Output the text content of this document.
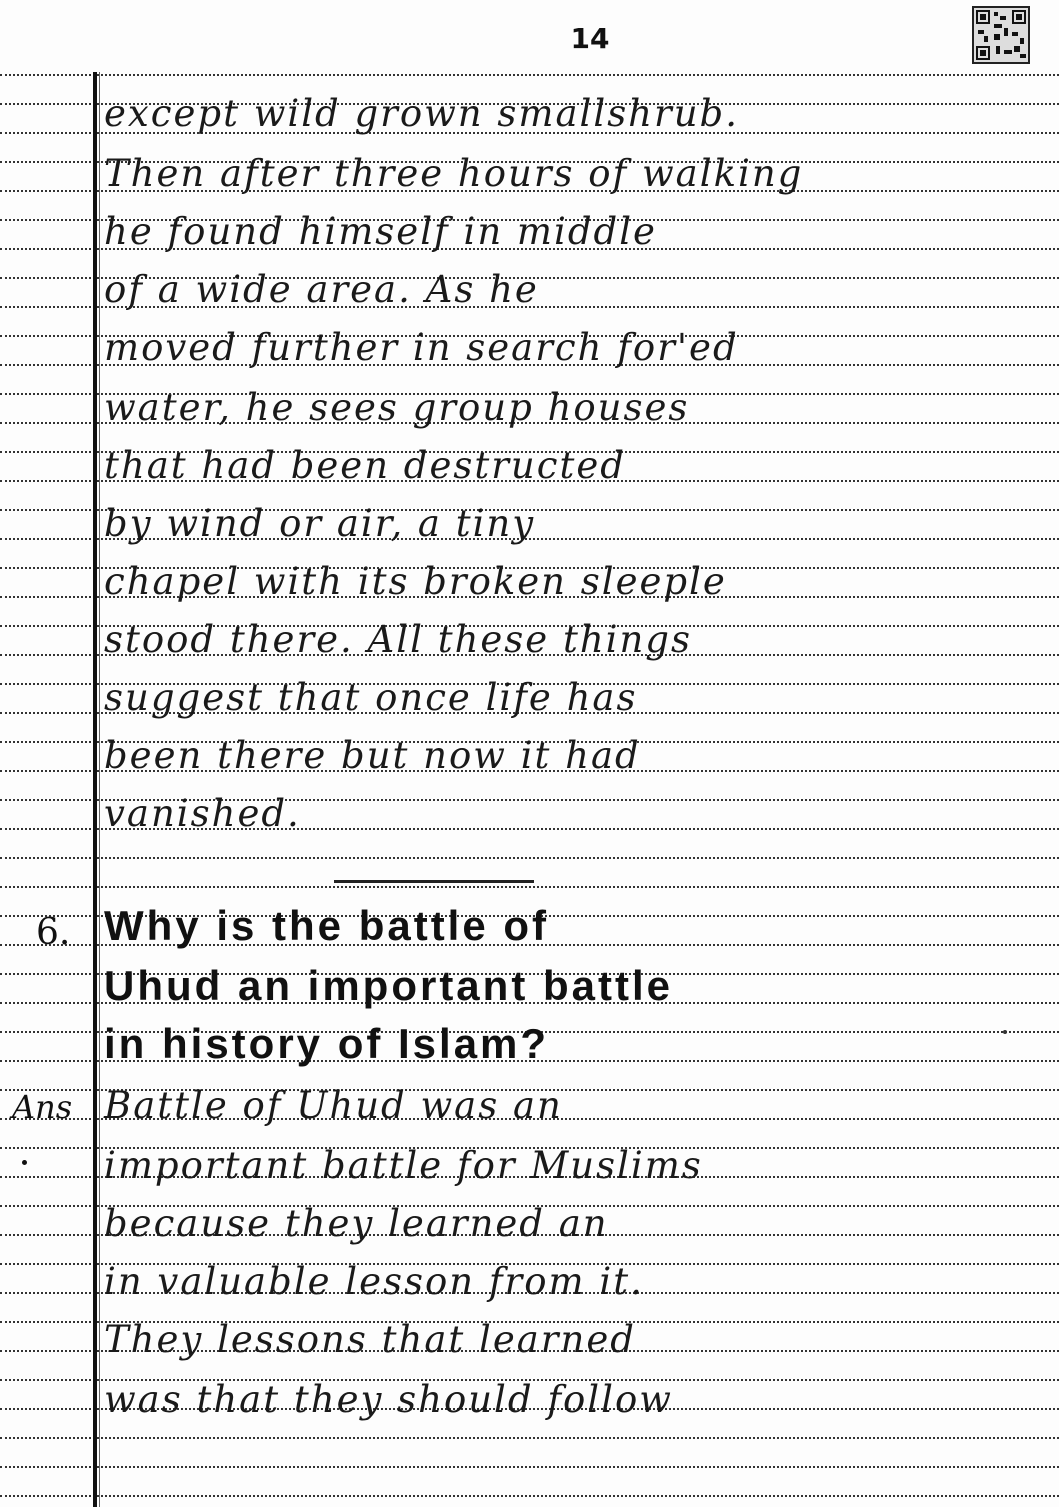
14
except wild grown smallshrub.
Then after three hours of walking
he found himself in middle
of a wide area. As he
moved further in search for'ed
water, he sees group houses
that had been destructed
by wind or air, a tiny
chapel with its broken sleeple
stood there. All these things
suggest that once life has
been there but now it had
vanished.
6. Why is the battle of
Uhud an important battle
in history of Islam?
Ans Battle of Uhud was an
important battle for Muslims
because they learned an
in valuable lesson from it.
They lessons that learned
was that they should follow
